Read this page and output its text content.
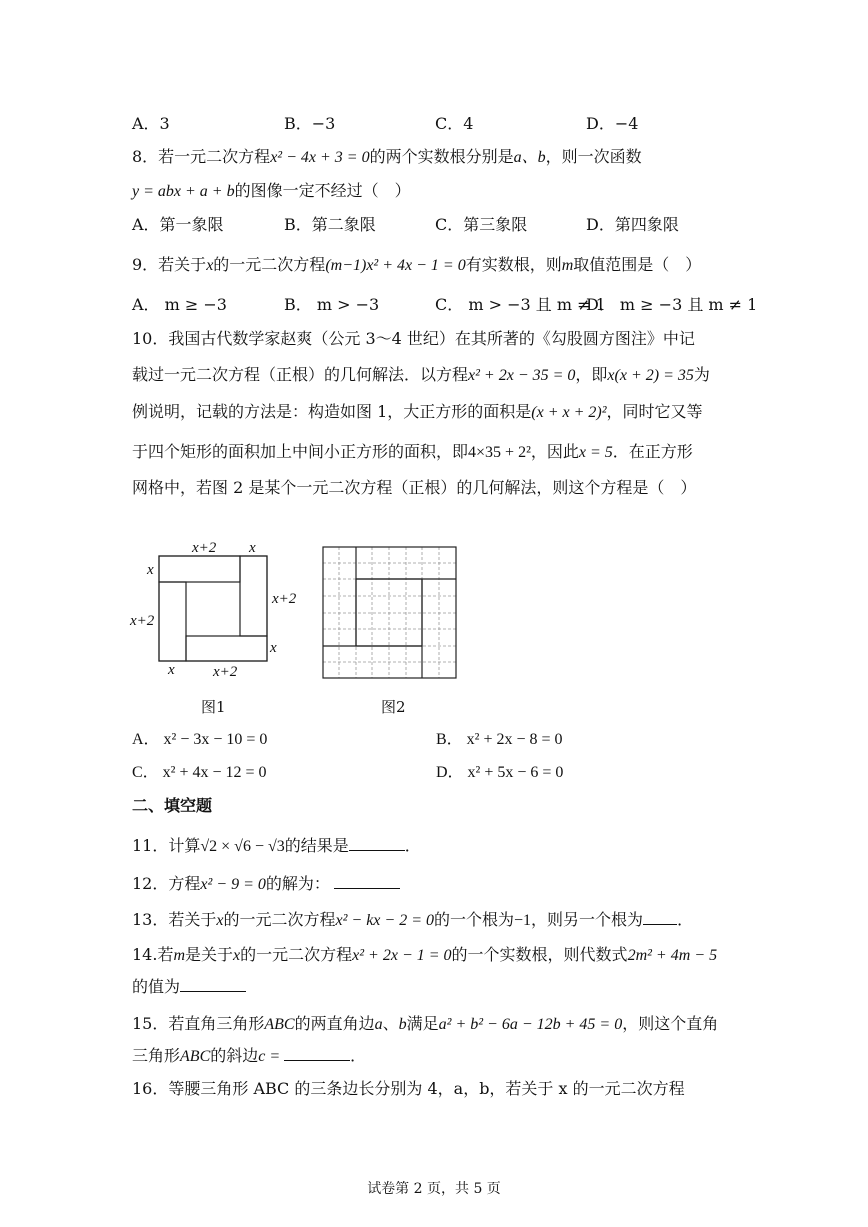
A．3	B．−3	C．4	D．−4
8．若一元二次方程x² − 4x + 3 = 0的两个实数根分别是a、b，则一次函数
y = abx + a + b的图像一定不经过（　）
A．第一象限	B．第二象限	C．第三象限	D．第四象限
9．若关于x的一元二次方程(m−1)x² + 4x − 1 = 0有实数根，则m取值范围是（　）
A． m ≥ −3	B． m > −3	C． m > −3 且 m ≠ 1
D． m ≥ −3 且 m ≠ 1
10．我国古代数学家赵爽（公元 3～4 世纪）在其所著的《勾股圆方图注》中记
载过一元二次方程（正根）的几何解法．以方程x² + 2x − 35 = 0，即x(x + 2) = 35为
例说明，记载的方法是：构造如图 1，大正方形的面积是(x + x + 2)²，同时它又等
于四个矩形的面积加上中间小正方形的面积，即4×35 + 2²，因此x = 5．在正方形
网格中，若图 2 是某个一元二次方程（正根）的几何解法，则这个方程是（　）
x+2 x
x
x+2
x+2
x
x	x+2
图1	图2
A． x² − 3x − 10 = 0	B． x² + 2x − 8 = 0
C． x² + 4x − 12 = 0	D． x² + 5x − 6 = 0
二、填空题
11．计算√2 × √6 − √3的结果是	．
12．方程x² − 9 = 0的解为：
13．若关于x的一元二次方程x² − kx − 2 = 0的一个根为−1，则另一个根为 ．
14.若m是关于x的一元二次方程x² + 2x − 1 = 0的一个实数根，则代数式2m² + 4m − 5
的值为
15．若直角三角形ABC的两直角边a、b满足a² + b² − 6a − 12b + 45 = 0，则这个直角
三角形ABC的斜边c =	．
16．等腰三角形 ABC 的三条边长分别为 4，a，b，若关于 x 的一元二次方程
试卷第 2 页，共 5 页
